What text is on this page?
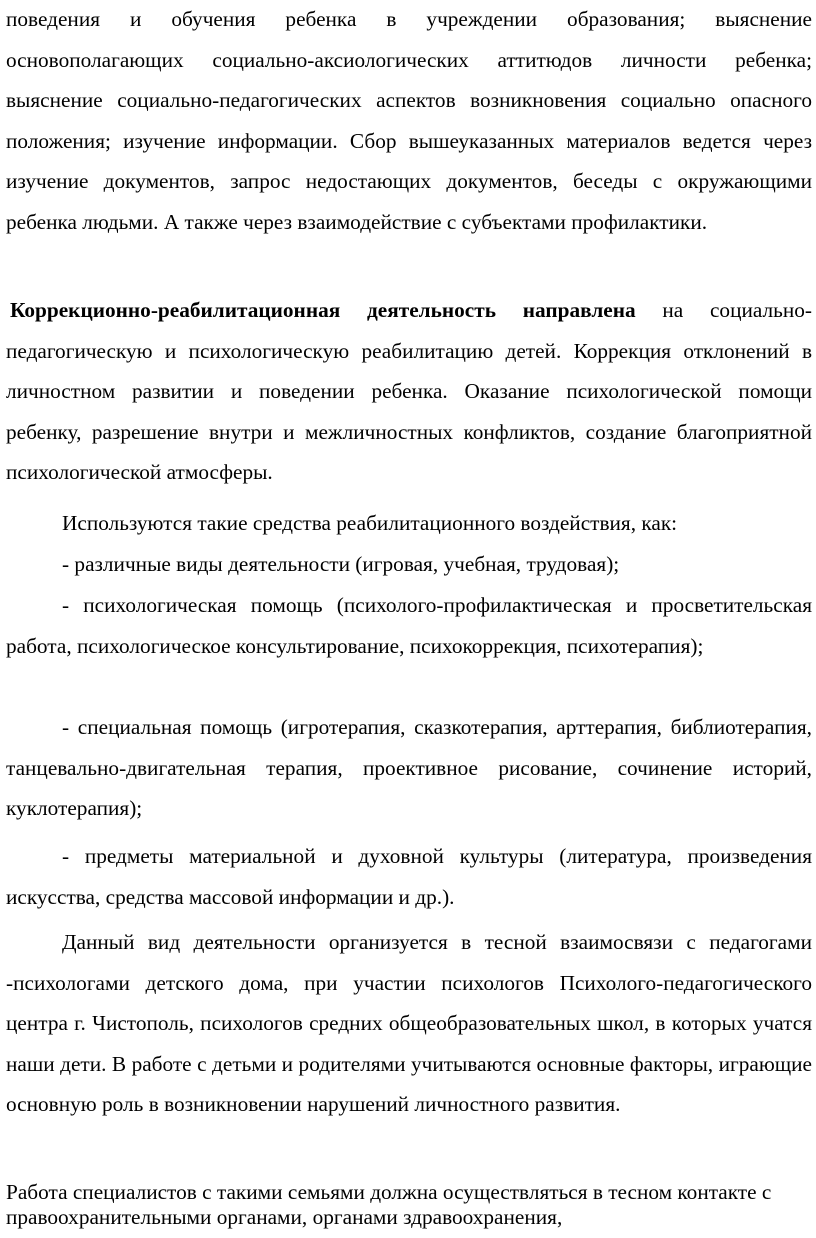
поведения и обучения ребенка в учреждении образования; выяснение основополагающих социально-аксиологических аттитюдов личности ребенка; выяснение социально-педагогических аспектов возникновения социально опасного положения; изучение информации. Сбор вышеуказанных материалов ведется через изучение документов, запрос недостающих документов, беседы с окружающими ребенка людьми. А также через взаимодействие с субъектами профилактики.

Коррекционно-реабилитационная деятельность направлена на социально-педагогическую и психологическую реабилитацию детей. Коррекция отклонений в личностном развитии и поведении ребенка. Оказание психологической помощи ребенку, разрешение внутри и межличностных конфликтов, создание благоприятной психологической атмосферы.

Используются такие средства реабилитационного воздействия, как:

- различные виды деятельности (игровая, учебная, трудовая);

- психологическая помощь (психолого-профилактическая и просветительская работа, психологическое консультирование, психокоррекция, психотерапия);

- специальная помощь (игротерапия, сказкотерапия, арттерапия, библиотерапия, танцевально-двигательная терапия, проективное рисование, сочинение историй, куклотерапия);

- предметы материальной и духовной культуры (литература, произведения искусства, средства массовой информации и др.).

Данный вид деятельности организуется в тесной взаимосвязи с педагогами -психологами детского дома, при участии психологов Психолого-педагогического центра г. Чистополь, психологов средних общеобразовательных школ, в которых учатся наши дети. В работе с детьми и родителями учитываются основные факторы, играющие основную роль в возникновении нарушений личностного развития.

Работа специалистов с такими семьями должна осуществляться в тесном контакте с правоохранительными органами, органами здравоохранения,
